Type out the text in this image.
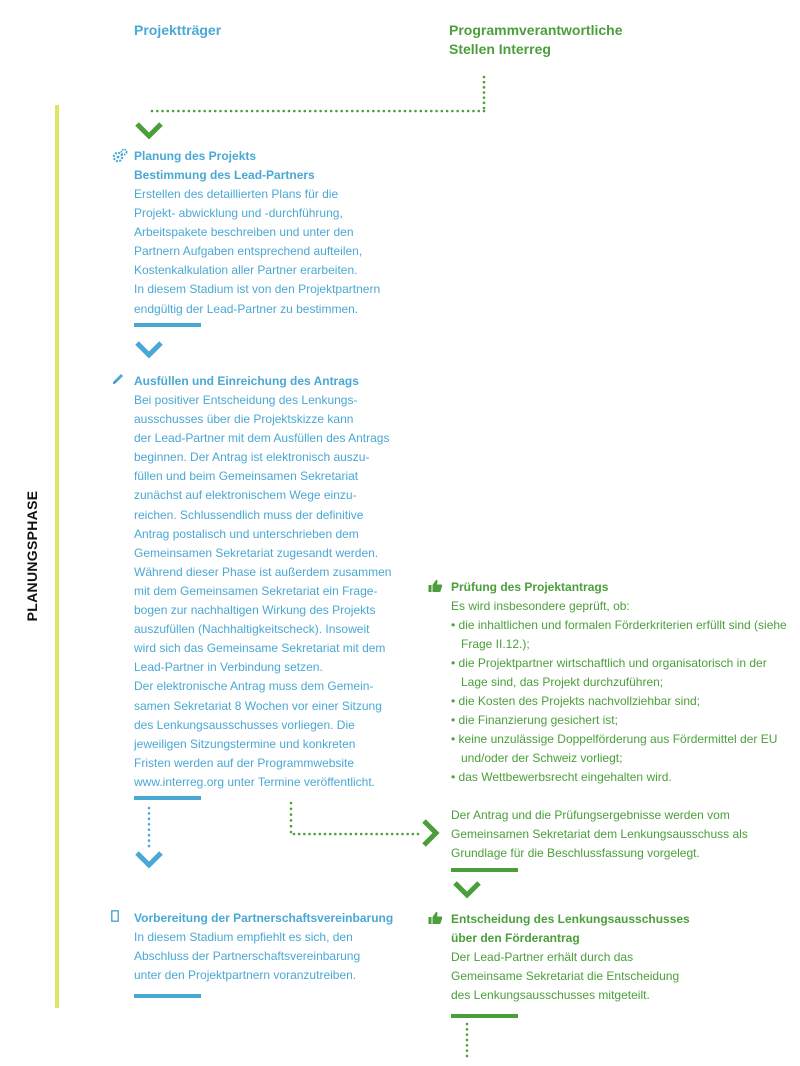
Projektträger	Programmverantwortliche
Stellen Interreg
PLANUNGSPHASE
Planung des Projekts
Bestimmung des Lead-Partners
Erstellen des detaillierten Plans für die
Projekt- abwicklung und -durchführung,
Arbeitspakete beschreiben und unter den
Partnern Aufgaben entsprechend aufteilen,
Kostenkalkulation aller Partner erarbeiten.
In diesem Stadium ist von den Projektpartnern
endgültig der Lead-Partner zu bestimmen.
Ausfüllen und Einreichung des Antrags
Bei positiver Entscheidung des Lenkungs-
ausschusses über die Projektskizze kann
der Lead-Partner mit dem Ausfüllen des Antrags
beginnen. Der Antrag ist elektronisch auszu-
füllen und beim Gemeinsamen Sekretariat
zunächst auf elektronischem Wege einzu-
reichen. Schlussendlich muss der definitive
Antrag postalisch und unterschrieben dem
Gemeinsamen Sekretariat zugesandt werden.
Während dieser Phase ist außerdem zusammen
mit dem Gemeinsamen Sekretariat ein Frage-
bogen zur nachhaltigen Wirkung des Projekts
auszufüllen (Nachhaltigkeitscheck). Insoweit
wird sich das Gemeinsame Sekretariat mit dem
Lead-Partner in Verbindung setzen.
Der elektronische Antrag muss dem Gemein-
samen Sekretariat 8 Wochen vor einer Sitzung
des Lenkungsausschusses vorliegen. Die
jeweiligen Sitzungstermine und konkreten
Fristen werden auf der Programmwebsite
www.interreg.org unter Termine veröffentlicht.
Vorbereitung der Partnerschaftsvereinbarung
In diesem Stadium empfiehlt es sich, den
Abschluss der Partnerschaftsvereinbarung
unter den Projektpartnern voranzutreiben.
Prüfung des Projektantrags
Es wird insbesondere geprüft, ob:
• die inhaltlichen und formalen Förderkriterien erfüllt sind (siehe Frage II.12.);
• die Projektpartner wirtschaftlich und organisatorisch in der Lage sind, das Projekt durchzuführen;
• die Kosten des Projekts nachvollziehbar sind;
• die Finanzierung gesichert ist;
• keine unzulässige Doppelförderung aus Fördermittel der EU und/oder der Schweiz vorliegt;
• das Wettbewerbsrecht eingehalten wird.
Der Antrag und die Prüfungsergebnisse werden vom
Gemeinsamen Sekretariat dem Lenkungsausschuss als
Grundlage für die Beschlussfassung vorgelegt.
Entscheidung des Lenkungsausschusses
über den Förderantrag
Der Lead-Partner erhält durch das
Gemeinsame Sekretariat die Entscheidung
des Lenkungsausschusses mitgeteilt.
